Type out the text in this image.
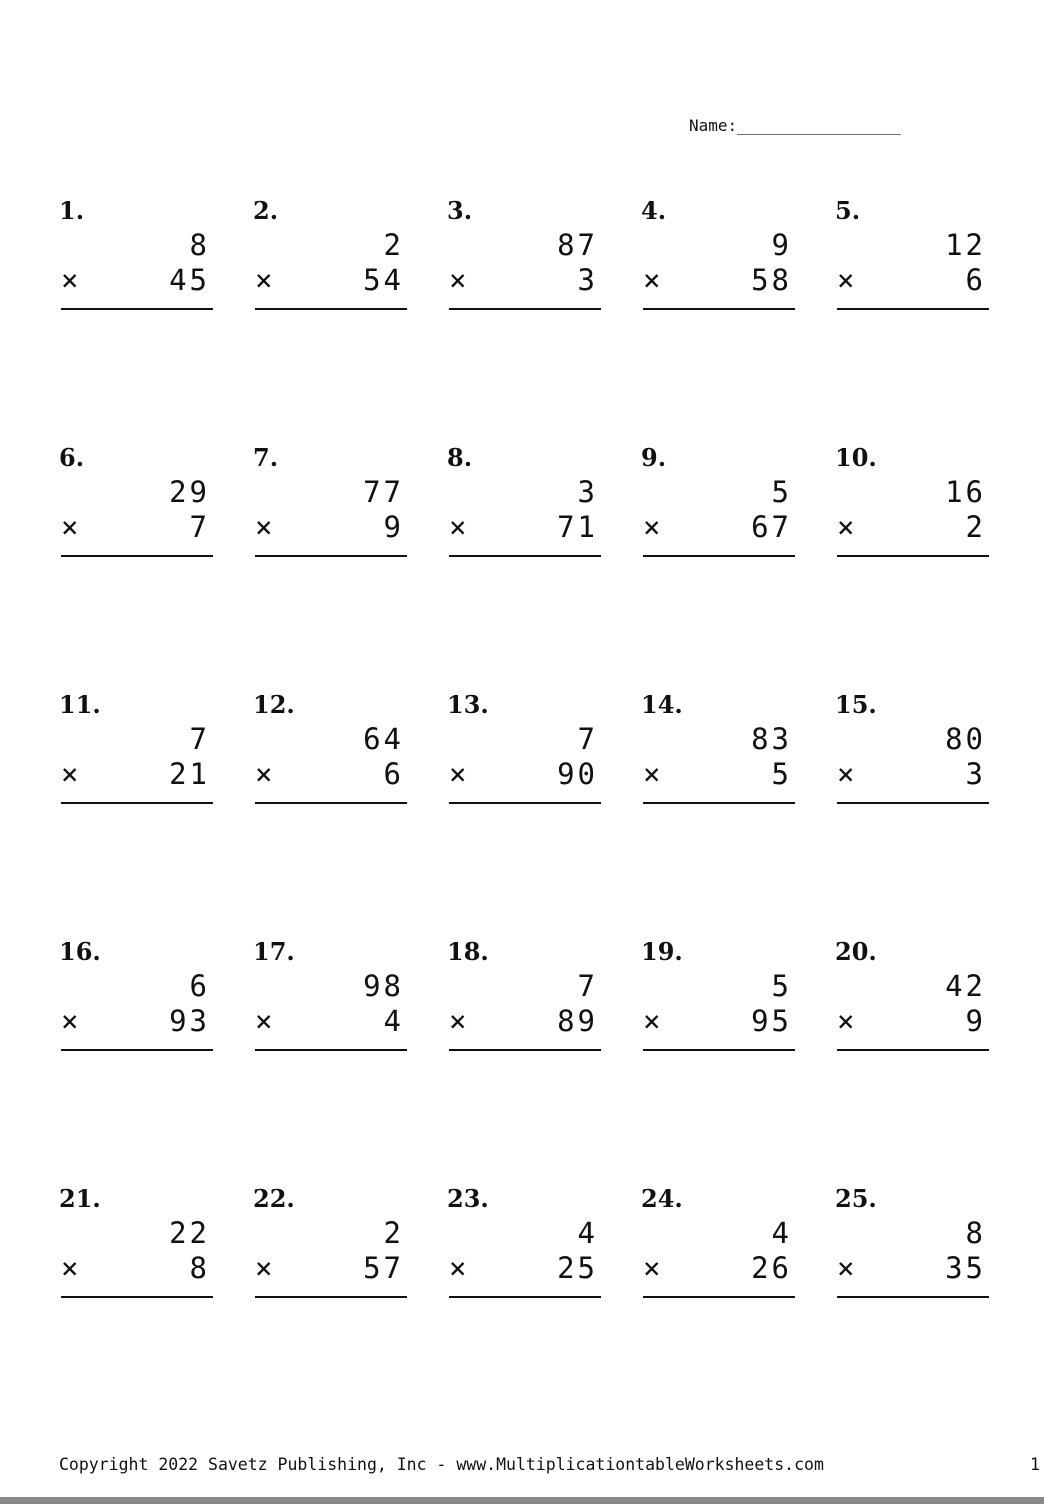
Name:_________________
1.
8
×	45
2.
2
×	54
3.
87
×	3
4.
9
×	58
5.
12
×	6
6.
29
×	7
7.
77
×	9
8.
3
×	71
9.
5
×	67
10.
16
×	2
11.
7
×	21
12.
64
×	6
13.
7
×	90
14.
83
×	5
15.
80
×	3
16.
6
×	93
17.
98
×	4
18.
7
×	89
19.
5
×	95
20.
42
×	9
21.
22
×	8
22.
2
×	57
23.
4
×	25
24.
4
×	26
25.
8
×	35
Copyright 2022 Savetz Publishing, Inc - www.MultiplicationtableWorksheets.com	1
